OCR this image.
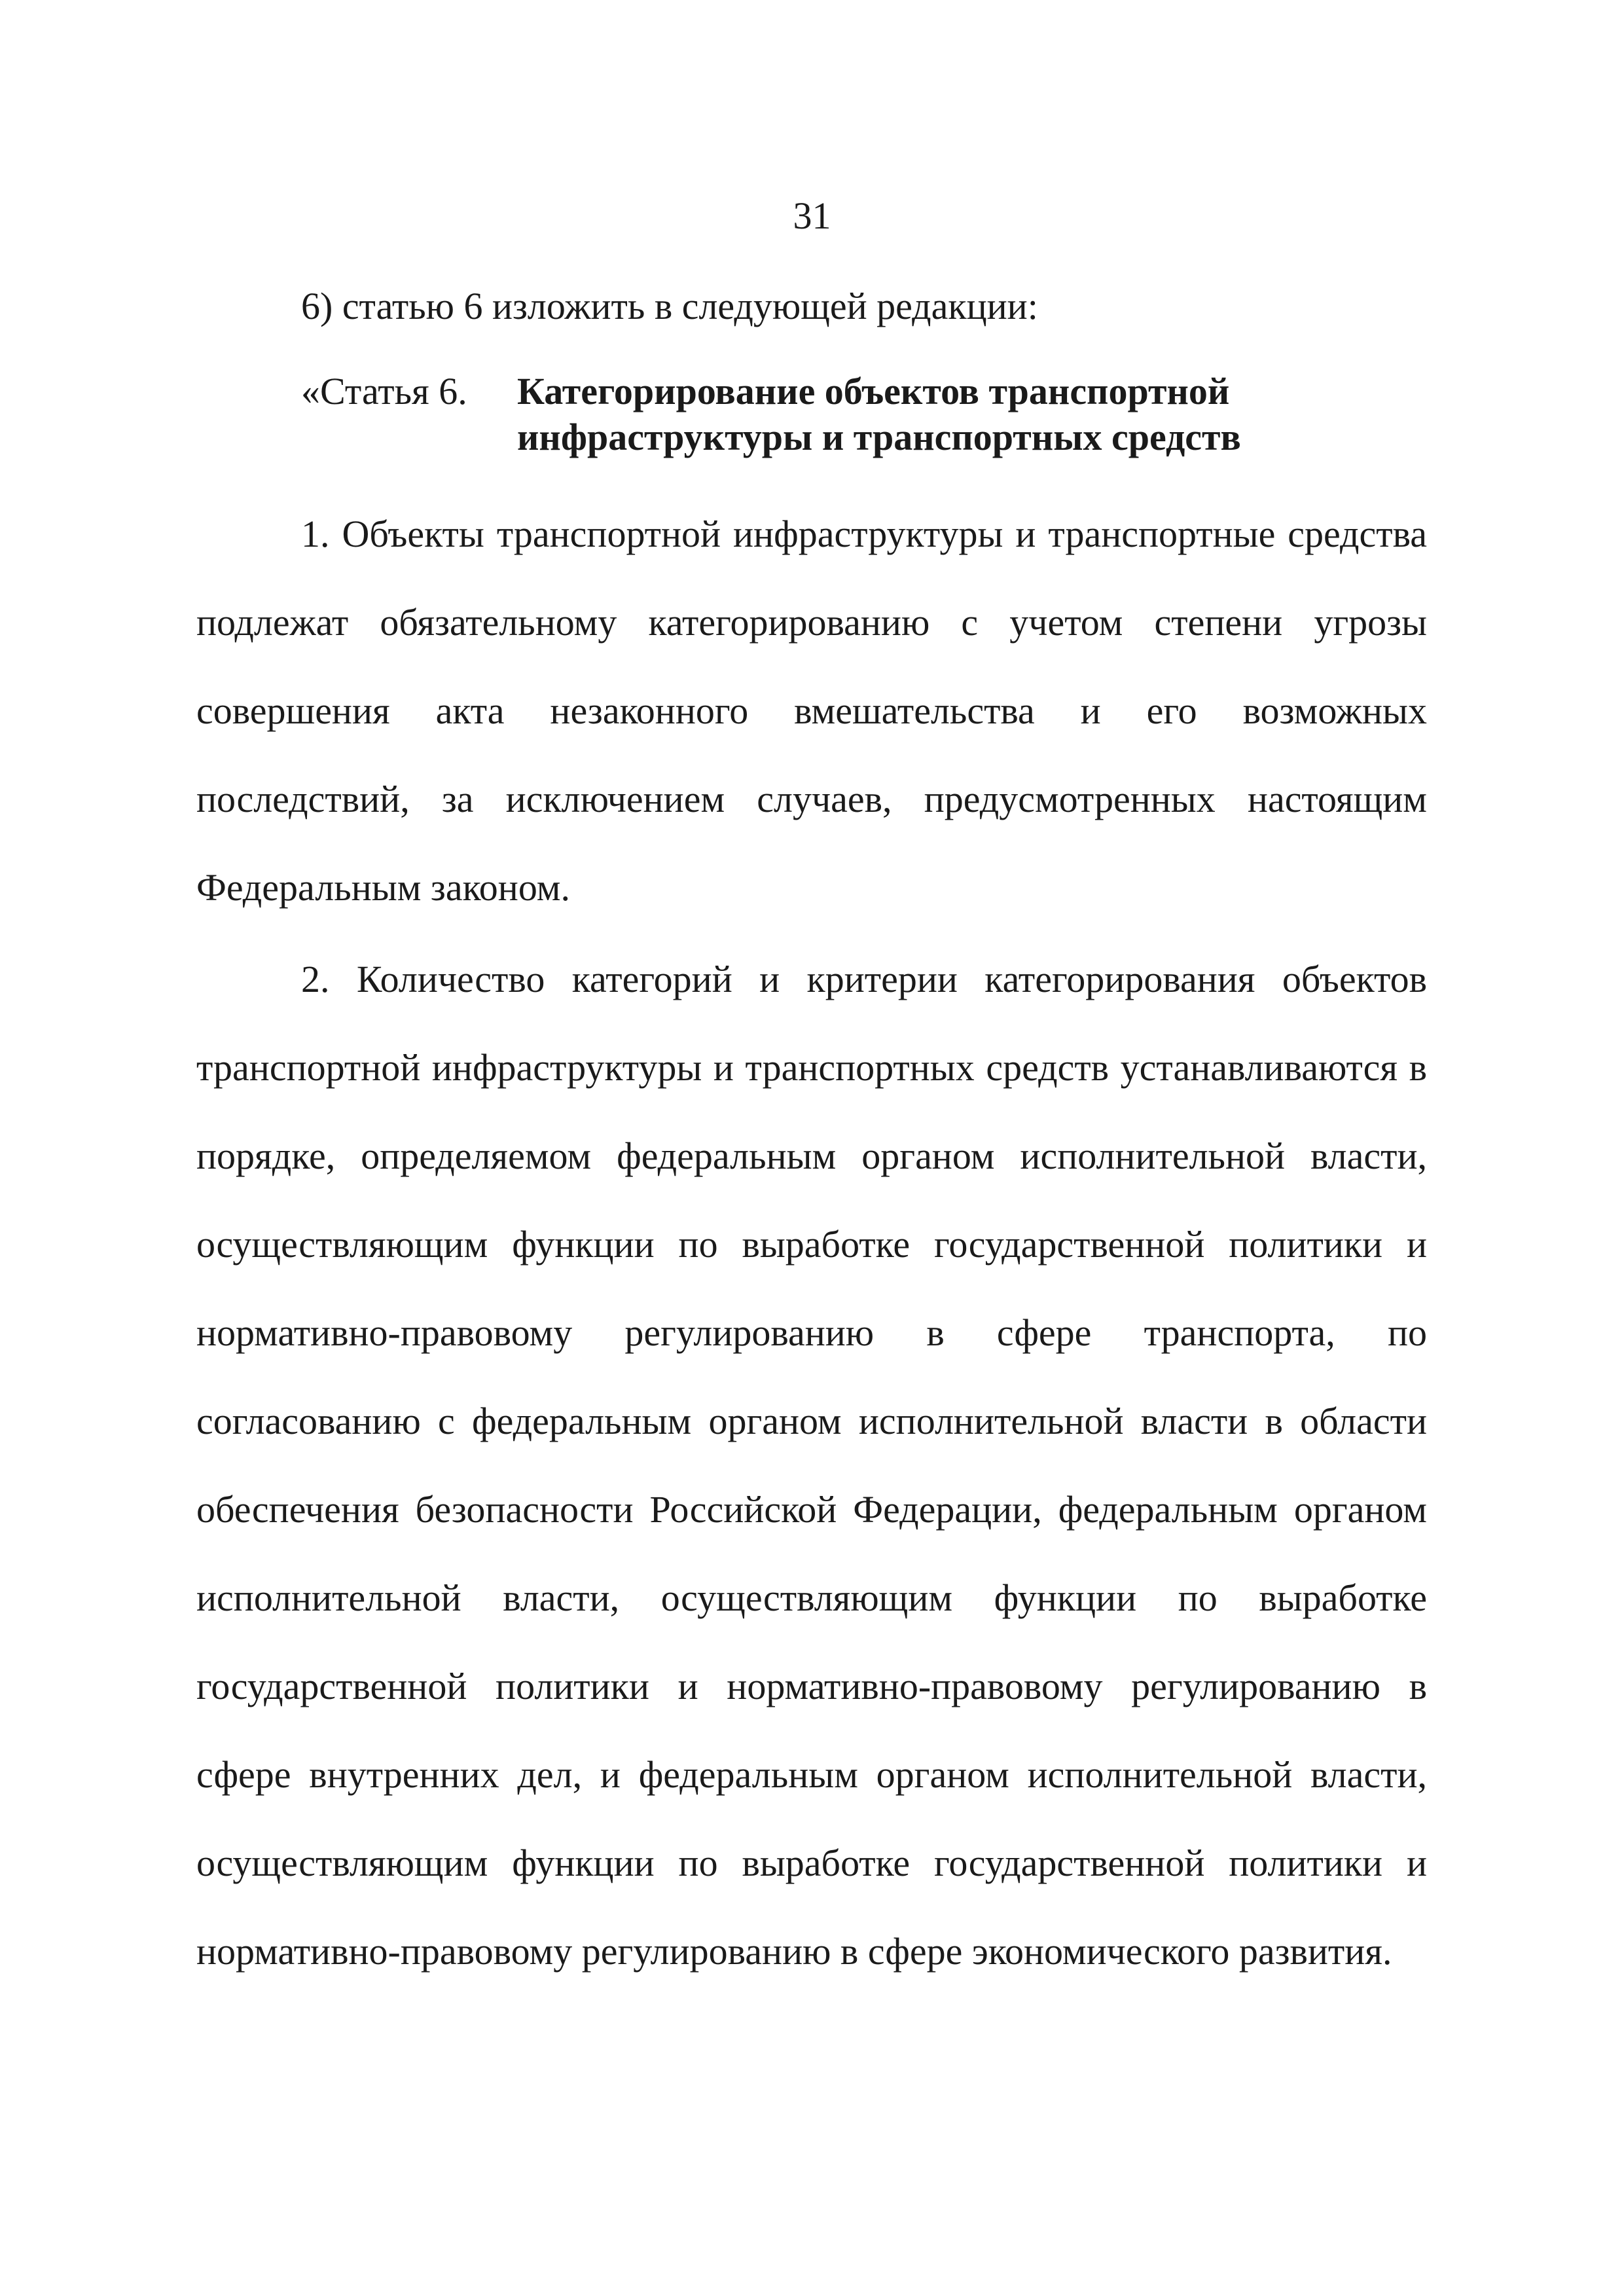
31
6) статью 6 изложить в следующей редакции:
«Статья 6.	Категорирование объектов транспортной инфраструктуры и транспортных средств

1. Объекты транспортной инфраструктуры и транспортные средства подлежат обязательному категорированию с учетом степени угрозы совершения акта незаконного вмешательства и его возможных последствий, за исключением случаев, предусмотренных настоящим Федеральным законом.

2. Количество категорий и критерии категорирования объектов транспортной инфраструктуры и транспортных средств устанавливаются в порядке, определяемом федеральным органом исполнительной власти, осуществляющим функции по выработке государственной политики и нормативно-правовому регулированию в сфере транспорта, по согласованию с федеральным органом исполнительной власти в области обеспечения безопасности Российской Федерации, федеральным органом исполнительной власти, осуществляющим функции по выработке государственной политики и нормативно-правовому регулированию в сфере внутренних дел, и федеральным органом исполнительной власти, осуществляющим функции по выработке государственной политики и нормативно-правовому регулированию в сфере экономического развития.
